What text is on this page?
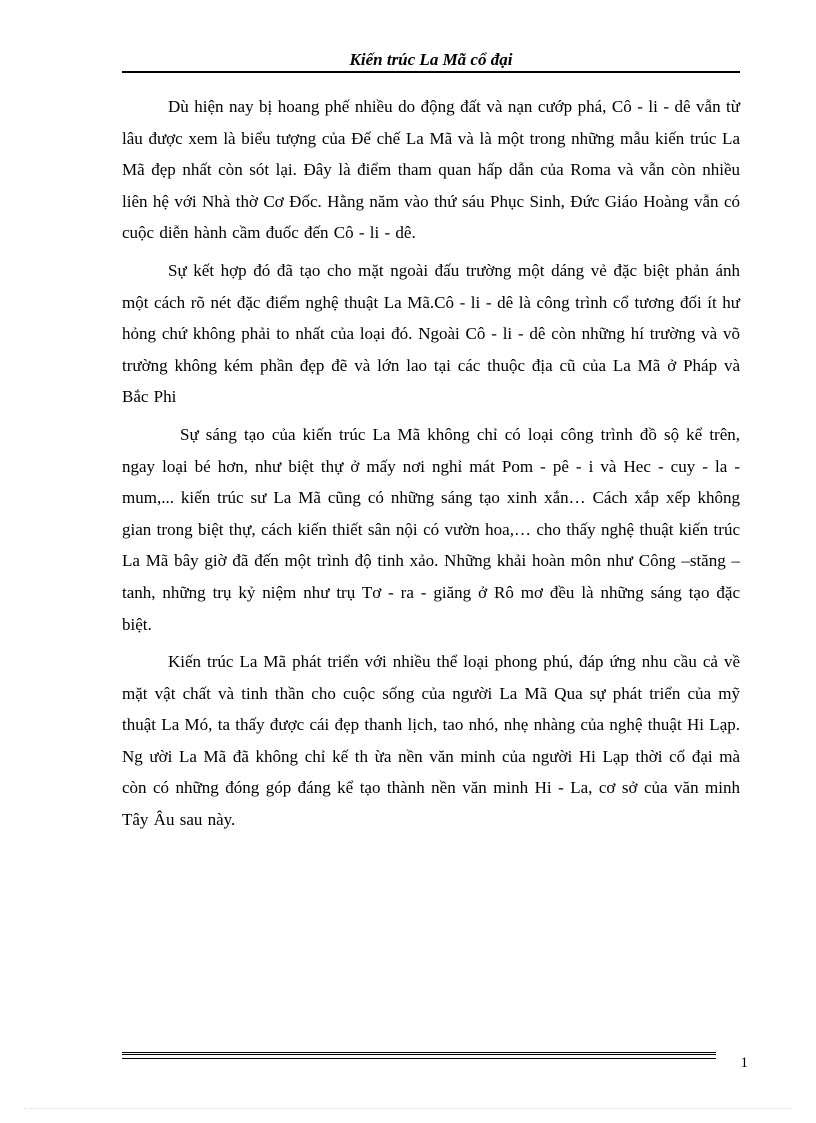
Kiến trúc La Mã cổ đại

Dù hiện nay bị hoang phế nhiều do động đất và nạn cướp phá, Cô - li - dê vẫn từ lâu được xem là biểu tượng của Đế chế La Mã và là một trong những mẫu kiến trúc La Mã đẹp nhất còn sót lại. Đây là điểm tham quan hấp dẫn của Roma và vẫn còn nhiều liên hệ với Nhà thờ Cơ Đốc. Hằng năm vào thứ sáu Phục Sinh, Đức Giáo Hoàng vẫn có cuộc diễn hành cầm đuốc đến Cô - li - dê.

Sự kết hợp đó đã tạo cho mặt ngoài đấu trường một dáng vẻ đặc biệt phản ánh một cách rõ nét đặc điểm nghệ thuật La Mã.Cô - li - dê là công trình cổ tương đối ít hư hỏng chứ không phải to nhất của loại đó. Ngoài Cô - li - dê còn những hí trường và võ trường không kém phần đẹp đẽ và lớn lao tại các thuộc địa cũ của La Mã ở Pháp và Bắc Phi

Sự sáng tạo của kiến trúc La Mã không chỉ có loại công trình đồ sộ kể trên, ngay loại bé hơn, như biệt thự ở mấy nơi nghỉ mát Pom - pê - i và Hec - cuy - la -mum,... kiến trúc sư La Mã cũng có những sáng tạo xinh xắn… Cách xắp xếp không gian trong biệt thự, cách kiến thiết sân nội có vườn hoa,… cho thấy nghệ thuật kiến trúc La Mã bây giờ đã đến một trình độ tinh xảo. Những khải hoàn môn như Công –stăng –tanh, những trụ kỷ niệm như trụ Tơ - ra - giăng ở Rô mơ đều là những sáng tạo đặc biệt.

Kiến trúc La Mã phát triển với nhiều thể loại phong phú, đáp ứng nhu cầu cả về mặt vật chất và tinh thần cho cuộc sống của người La Mã Qua sự phát triển của mỹ thuật La Mó, ta thấy được cái đẹp thanh lịch, tao nhó, nhẹ nhàng của nghệ thuật Hi Lạp. Ng ười La Mã đã không chỉ kế th ừa nền văn minh của người Hi Lạp thời cổ đại mà còn có những đóng góp đáng kể tạo thành nền văn minh Hi - La, cơ sở của văn minh Tây Âu sau này.

1
